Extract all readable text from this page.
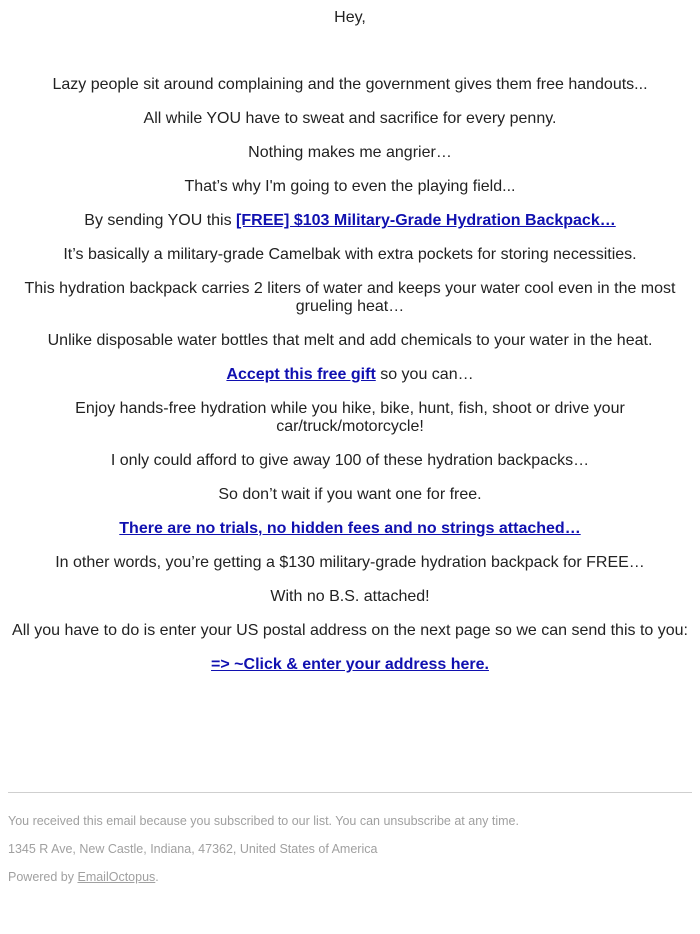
Hey,

Lazy people sit around complaining and the government gives them free handouts...

All while YOU have to sweat and sacrifice for every penny.

Nothing makes me angrier…

That’s why I'm going to even the playing field...

By sending YOU this [FREE] $103 Military-Grade Hydration Backpack…

It’s basically a military-grade Camelbak with extra pockets for storing necessities.

This hydration backpack carries 2 liters of water and keeps your water cool even in the most grueling heat…

Unlike disposable water bottles that melt and add chemicals to your water in the heat.

Accept this free gift so you can…

Enjoy hands-free hydration while you hike, bike, hunt, fish, shoot or drive your car/truck/motorcycle!

I only could afford to give away 100 of these hydration backpacks…

So don’t wait if you want one for free.

There are no trials, no hidden fees and no strings attached…

In other words, you’re getting a $130 military-grade hydration backpack for FREE…

With no B.S. attached!

All you have to do is enter your US postal address on the next page so we can send this to you:

=> ~Click & enter your address here.

You received this email because you subscribed to our list. You can unsubscribe at any time.
1345 R Ave, New Castle, Indiana, 47362, United States of America
Powered by EmailOctopus.
